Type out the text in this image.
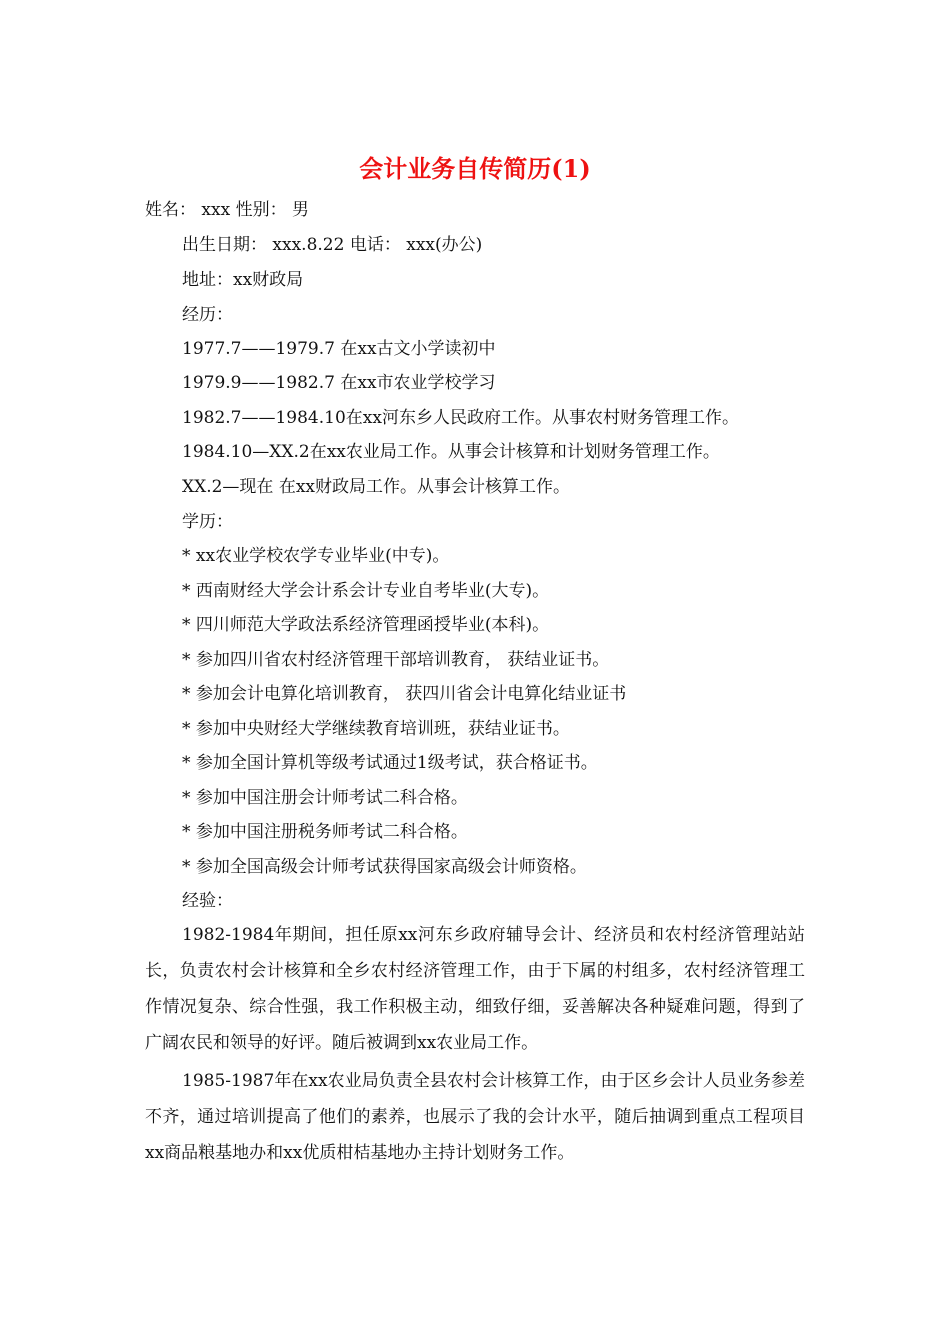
会计业务自传简历(1)

姓名： xxx 性别： 男

出生日期： xxx.8.22 电话： xxx(办公)

地址：xx财政局

经历：

1977.7——1979.7 在xx古文小学读初中

1979.9——1982.7 在xx市农业学校学习

1982.7——1984.10在xx河东乡人民政府工作。从事农村财务管理工作。

1984.10—XX.2在xx农业局工作。从事会计核算和计划财务管理工作。

XX.2—现在 在xx财政局工作。从事会计核算工作。

学历：

* xx农业学校农学专业毕业(中专)。

* 西南财经大学会计系会计专业自考毕业(大专)。

* 四川师范大学政法系经济管理函授毕业(本科)。

* 参加四川省农村经济管理干部培训教育， 获结业证书。

* 参加会计电算化培训教育， 获四川省会计电算化结业证书

* 参加中央财经大学继续教育培训班，获结业证书。

* 参加全国计算机等级考试通过1级考试，获合格证书。

* 参加中国注册会计师考试二科合格。

* 参加中国注册税务师考试二科合格。

* 参加全国高级会计师考试获得国家高级会计师资格。

经验：

1982-1984年期间，担任原xx河东乡政府辅导会计、经济员和农村经济管理站站长，负责农村会计核算和全乡农村经济管理工作，由于下属的村组多，农村经济管理工作情况复杂、综合性强，我工作积极主动，细致仔细，妥善解决各种疑难问题，得到了广阔农民和领导的好评。随后被调到xx农业局工作。

1985-1987年在xx农业局负责全县农村会计核算工作，由于区乡会计人员业务参差不齐，通过培训提高了他们的素养，也展示了我的会计水平，随后抽调到重点工程项目xx商品粮基地办和xx优质柑桔基地办主持计划财务工作。
